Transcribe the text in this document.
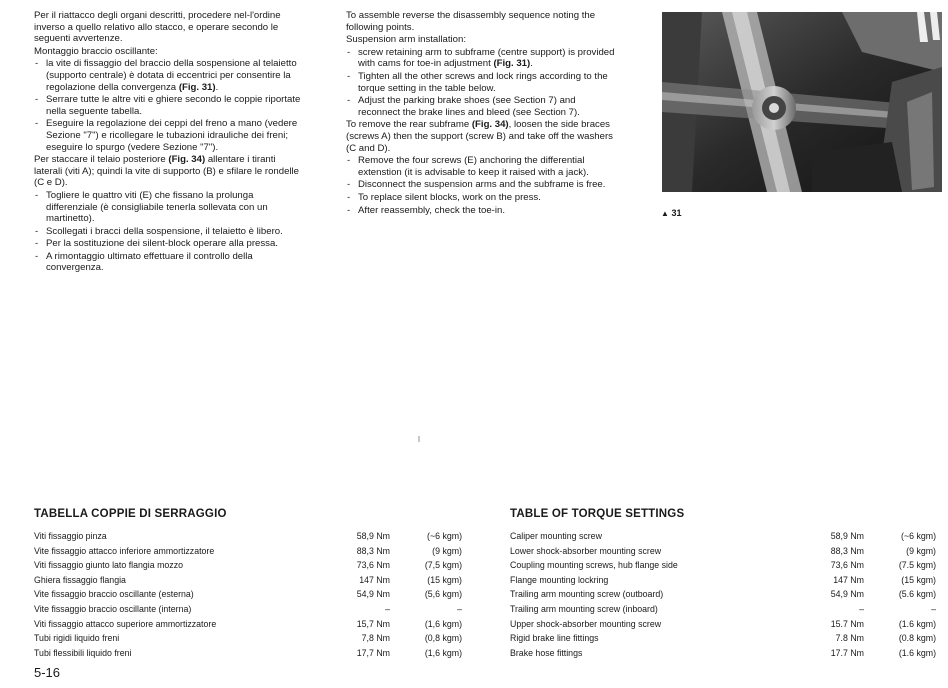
Per il riattacco degli organi descritti, procedere nel-l'ordine inverso a quello relativo allo stacco, e operare secondo le seguenti avvertenze.

Montaggio braccio oscillante:

- la vite di fissaggio del braccio della sospensione al telaietto (supporto centrale) è dotata di eccentrici per consentire la regolazione della convergenza (Fig. 31).
- Serrare tutte le altre viti e ghiere secondo le coppie riportate nella seguente tabella.
- Eseguire la regolazione dei ceppi del freno a mano (vedere Sezione "7") e ricollegare le tubazioni idrauliche dei freni; eseguire lo spurgo (vedere Sezione "7").

Per staccare il telaio posteriore (Fig. 34) allentare i tiranti laterali (viti A); quindi la vite di supporto (B) e sfilare le rondelle (C e D).

- Togliere le quattro viti (E) che fissano la prolunga differenziale (è consigliabile tenerla sollevata con un martinetto).
- Scollegati i bracci della sospensione, il telaietto è libero.
- Per la sostituzione dei silent-block operare alla pressa.
- A rimontaggio ultimato effettuare il controllo della convergenza.

To assemble reverse the disassembly sequence noting the following points.

Suspension arm installation:

- screw retaining arm to subframe (centre support) is provided with cams for toe-in adjustment (Fig. 31).
- Tighten all the other screws and lock rings according to the torque setting in the table below.
- Adjust the parking brake shoes (see Section 7) and reconnect the brake lines and bleed (see Section 7).

To remove the rear subframe (Fig. 34), loosen the side braces (screws A) then the support (screw B) and take off the washers (C and D).

- Remove the four screws (E) anchoring the differential extenstion (it is advisable to keep it raised with a jack).
- Disconnect the suspension arms and the subframe is free.
- To replace silent blocks, work on the press.
- After reassembly, check the toe-in.	▲ 31
TABELLA COPPIE DI SERRAGGIO
Viti fissaggio pinza	58,9 Nm	(~6 kgm)
Vite fissaggio attacco inferiore ammortizzatore	88,3 Nm	(9 kgm)
Viti fissaggio giunto lato flangia mozzo	73,6 Nm	(7,5 kgm)
Ghiera fissaggio flangia	147 Nm	(15 kgm)
Vite fissaggio braccio oscillante (esterna)	54,9 Nm	(5,6 kgm)
Vite fissaggio braccio oscillante (interna)	–	–
Viti fissaggio attacco superiore ammortizzatore	15,7 Nm	(1,6 kgm)
Tubi rigidi liquido freni	7,8 Nm	(0,8 kgm)
Tubi flessibili liquido freni	17,7 Nm	(1,6 kgm)
TABLE OF TORQUE SETTINGS
Caliper mounting screw	58,9 Nm	(~6 kgm)
Lower shock-absorber mounting screw	88,3 Nm	(9 kgm)
Coupling mounting screws, hub flange side	73,6 Nm	(7.5 kgm)
Flange mounting lockring	147 Nm	(15 kgm)
Trailing arm mounting screw (outboard)	54,9 Nm	(5.6 kgm)
Trailing arm mounting screw (inboard)	–	–
Upper shock-absorber mounting screw	15.7 Nm	(1.6 kgm)
Rigid brake line fittings	7.8 Nm	(0.8 kgm)
Brake hose fittings	17.7 Nm	(1.6 kgm)
5-16
